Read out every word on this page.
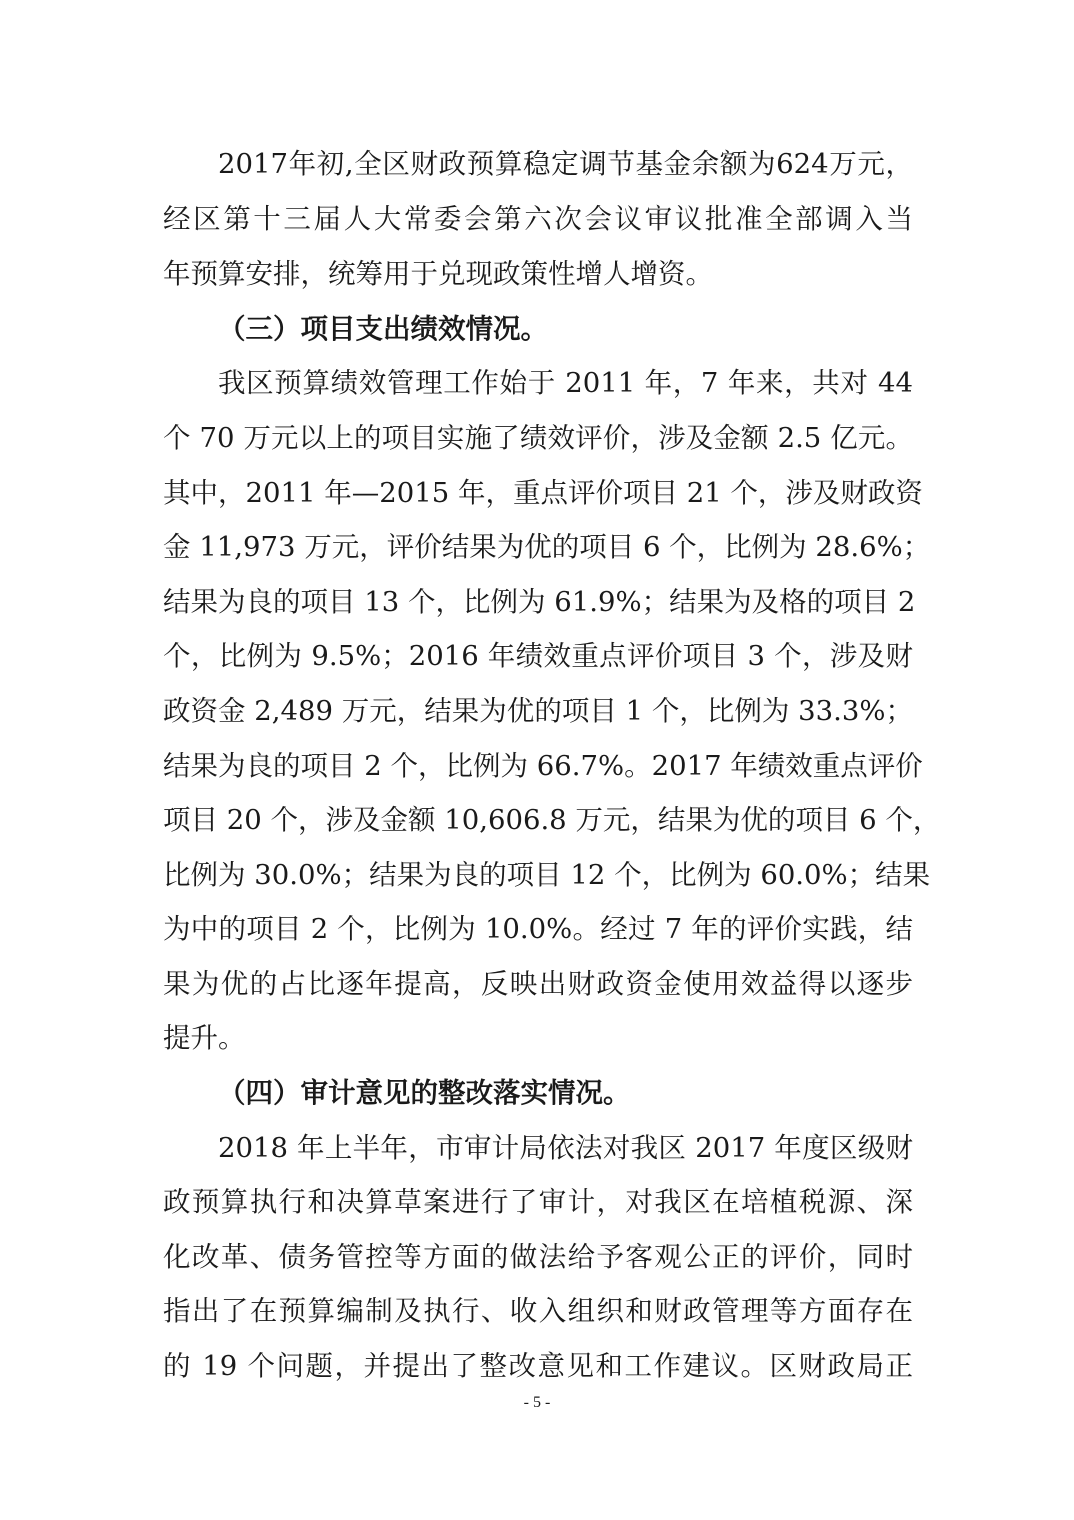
2017年初,全区财政预算稳定调节基金余额为624万元，
经区第十三届人大常委会第六次会议审议批准全部调入当
年预算安排，统筹用于兑现政策性增人增资。
（三）项目支出绩效情况。
我区预算绩效管理工作始于 2011 年，7 年来，共对 44
个 70 万元以上的项目实施了绩效评价，涉及金额 2.5 亿元。
其中，2011 年—2015 年，重点评价项目 21 个，涉及财政资
金 11,973 万元，评价结果为优的项目 6 个，比例为 28.6%；
结果为良的项目 13 个，比例为 61.9%；结果为及格的项目 2
个，比例为 9.5%；2016 年绩效重点评价项目 3 个，涉及财
政资金 2,489 万元，结果为优的项目 1 个，比例为 33.3%；
结果为良的项目 2 个，比例为 66.7%。2017 年绩效重点评价
项目 20 个，涉及金额 10,606.8 万元，结果为优的项目 6 个，
比例为 30.0%；结果为良的项目 12 个，比例为 60.0%；结果
为中的项目 2 个，比例为 10.0%。经过 7 年的评价实践，结
果为优的占比逐年提高，反映出财政资金使用效益得以逐步
提升。
（四）审计意见的整改落实情况。
2018 年上半年，市审计局依法对我区 2017 年度区级财
政预算执行和决算草案进行了审计，对我区在培植税源、深
化改革、债务管控等方面的做法给予客观公正的评价，同时
指出了在预算编制及执行、收入组织和财政管理等方面存在
的 19 个问题，并提出了整改意见和工作建议。区财政局正
- 5 -
